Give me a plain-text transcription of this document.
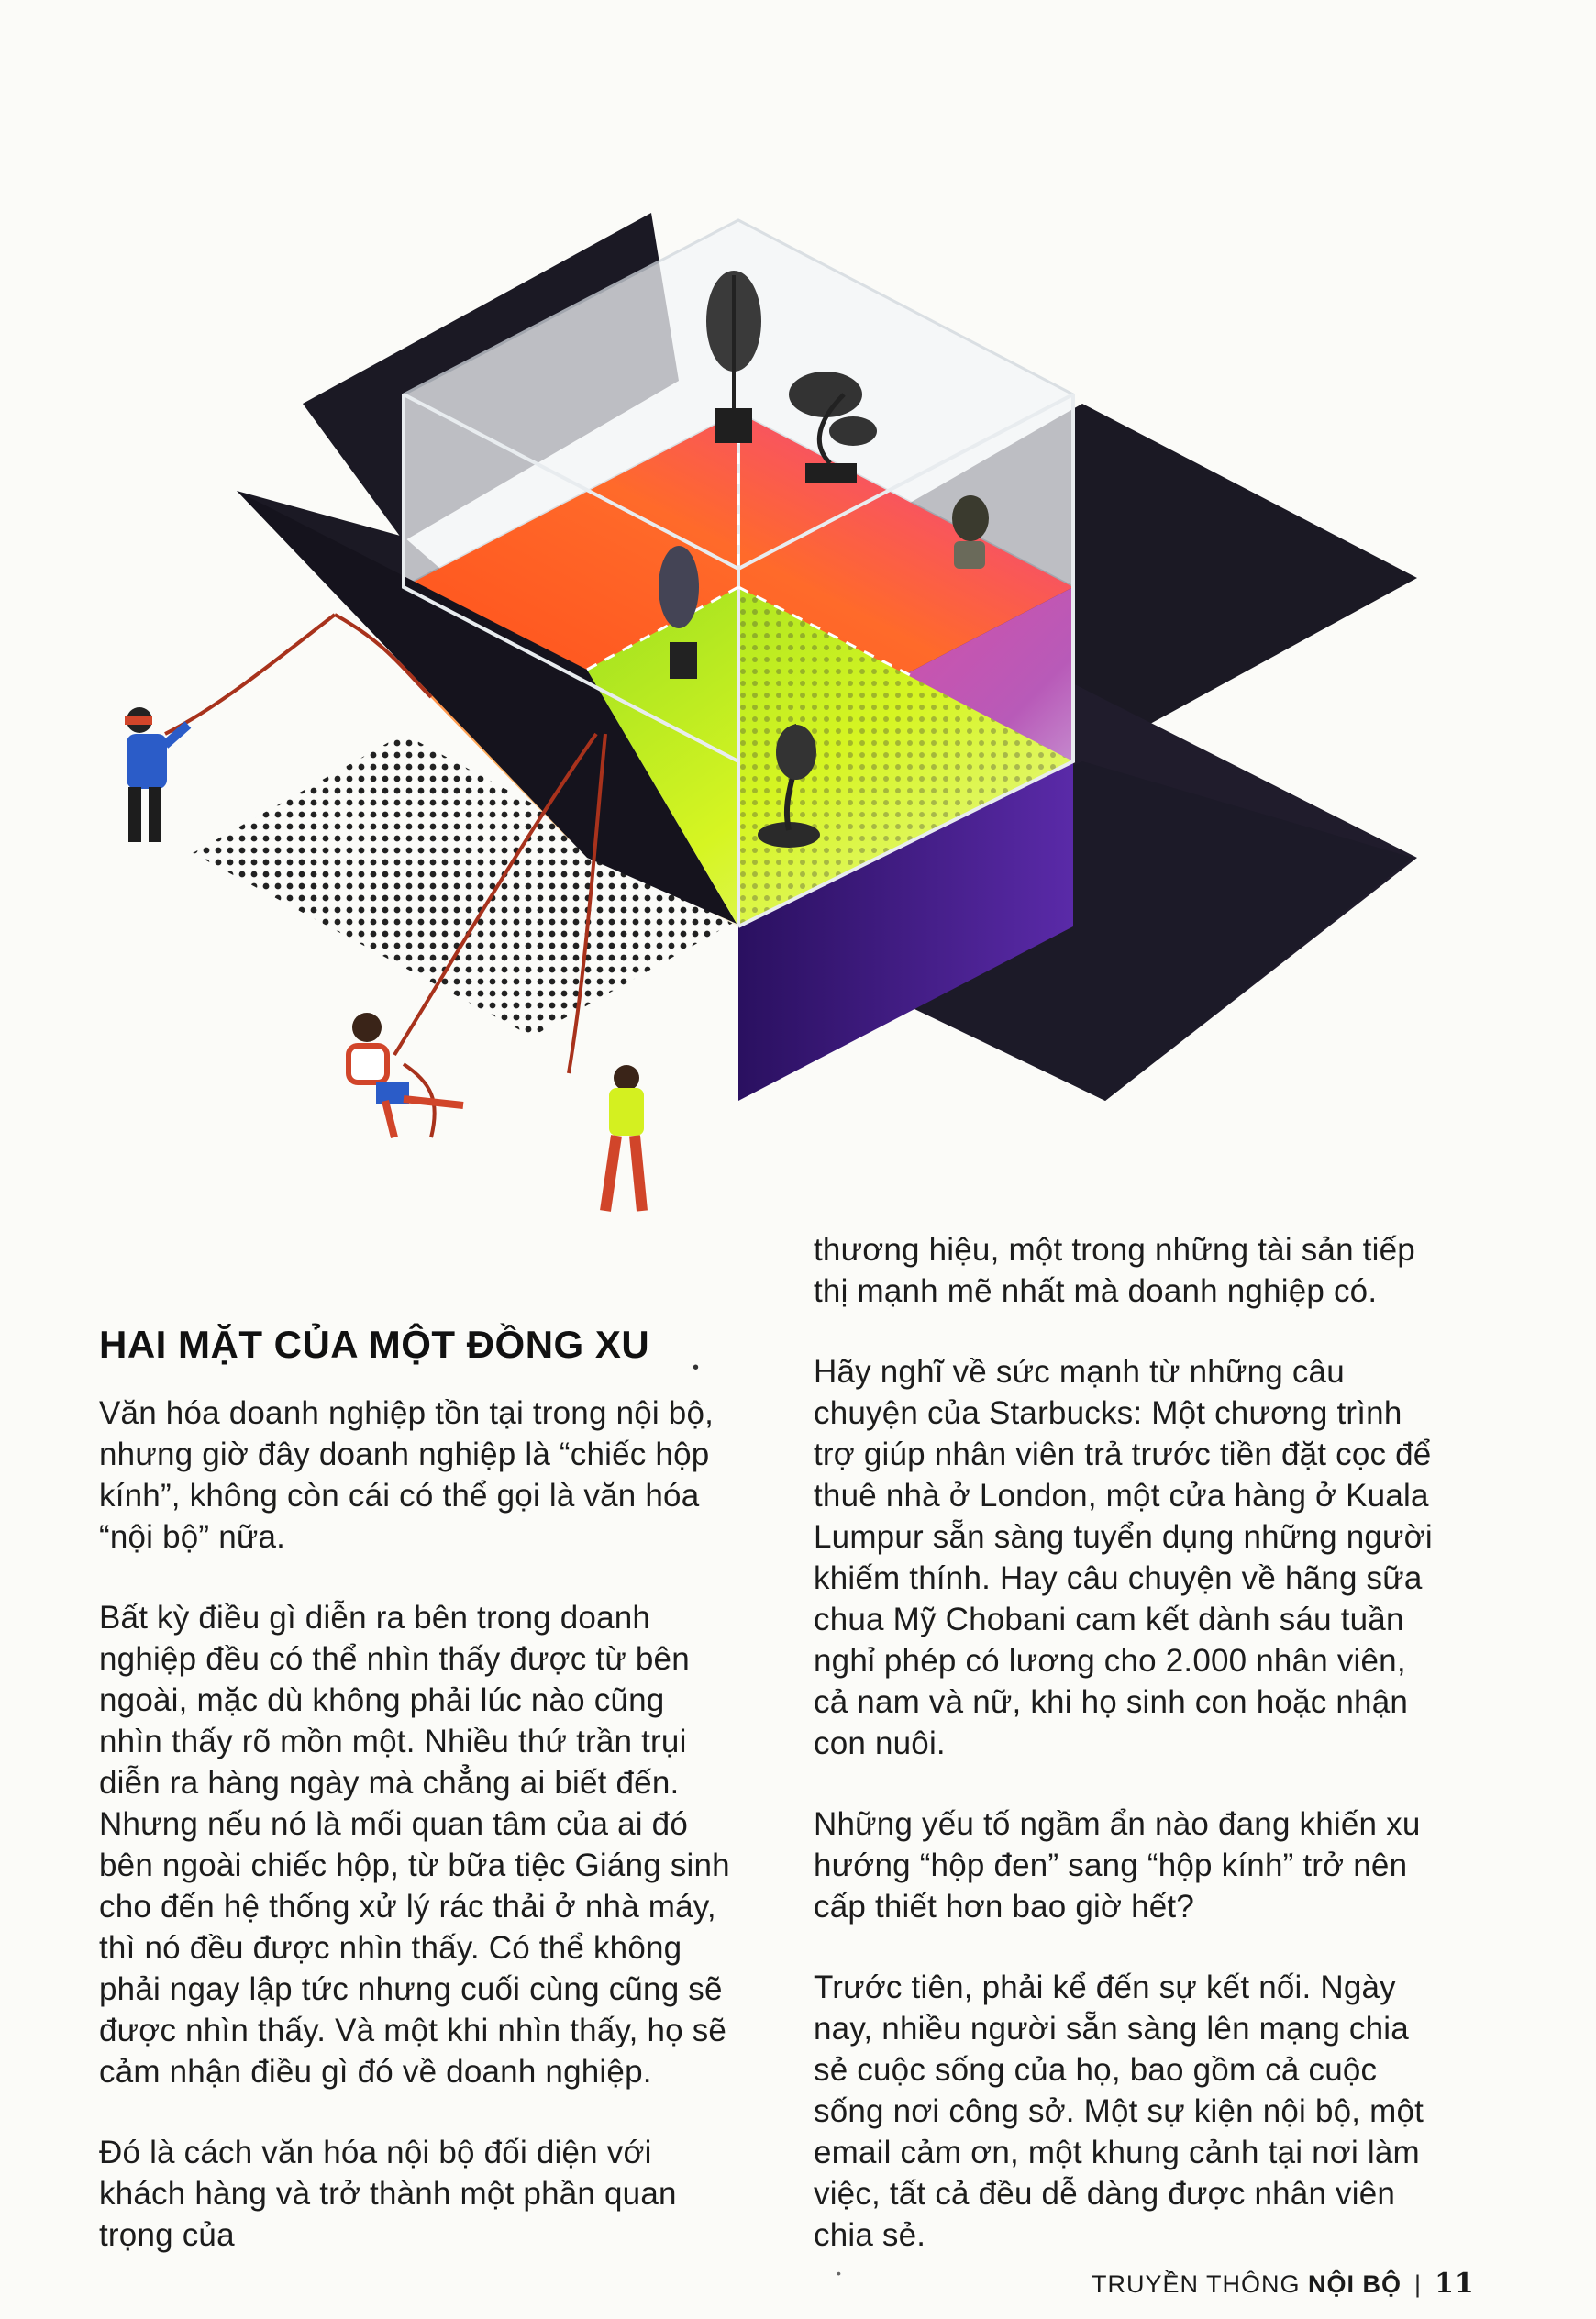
HAI MẶT CỦA MỘT ĐỒNG XU
•

Văn hóa doanh nghiệp tồn tại trong nội bộ, nhưng giờ đây doanh nghiệp là “chiếc hộp kính”, không còn cái có thể gọi là văn hóa “nội bộ” nữa.

Bất kỳ điều gì diễn ra bên trong doanh nghiệp đều có thể nhìn thấy được từ bên ngoài, mặc dù không phải lúc nào cũng nhìn thấy rõ mồn một. Nhiều thứ trần trụi diễn ra hàng ngày mà chẳng ai biết đến. Nhưng nếu nó là mối quan tâm của ai đó bên ngoài chiếc hộp, từ bữa tiệc Giáng sinh cho đến hệ thống xử lý rác thải ở nhà máy, thì nó đều được nhìn thấy. Có thể không phải ngay lập tức nhưng cuối cùng cũng sẽ được nhìn thấy. Và một khi nhìn thấy, họ sẽ cảm nhận điều gì đó về doanh nghiệp.

Đó là cách văn hóa nội bộ đối diện với khách hàng và trở thành một phần quan trọng của

thương hiệu, một trong những tài sản tiếp thị mạnh mẽ nhất mà doanh nghiệp có.

Hãy nghĩ về sức mạnh từ những câu chuyện của Starbucks: Một chương trình trợ giúp nhân viên trả trước tiền đặt cọc để thuê nhà ở London, một cửa hàng ở Kuala Lumpur sẵn sàng tuyển dụng những người khiếm thính. Hay câu chuyện về hãng sữa chua Mỹ Chobani cam kết dành sáu tuần nghỉ phép có lương cho 2.000 nhân viên, cả nam và nữ, khi họ sinh con hoặc nhận con nuôi.

Những yếu tố ngầm ẩn nào đang khiến xu hướng “hộp đen” sang “hộp kính” trở nên cấp thiết hơn bao giờ hết?

Trước tiên, phải kể đến sự kết nối. Ngày nay, nhiều người sẵn sàng lên mạng chia sẻ cuộc sống của họ, bao gồm cả cuộc sống nơi công sở. Một sự kiện nội bộ, một email cảm ơn, một khung cảnh tại nơi làm việc, tất cả đều dễ dàng được nhân viên chia sẻ.

•	TRUYỀN THÔNG NỘI BỘ | 11
